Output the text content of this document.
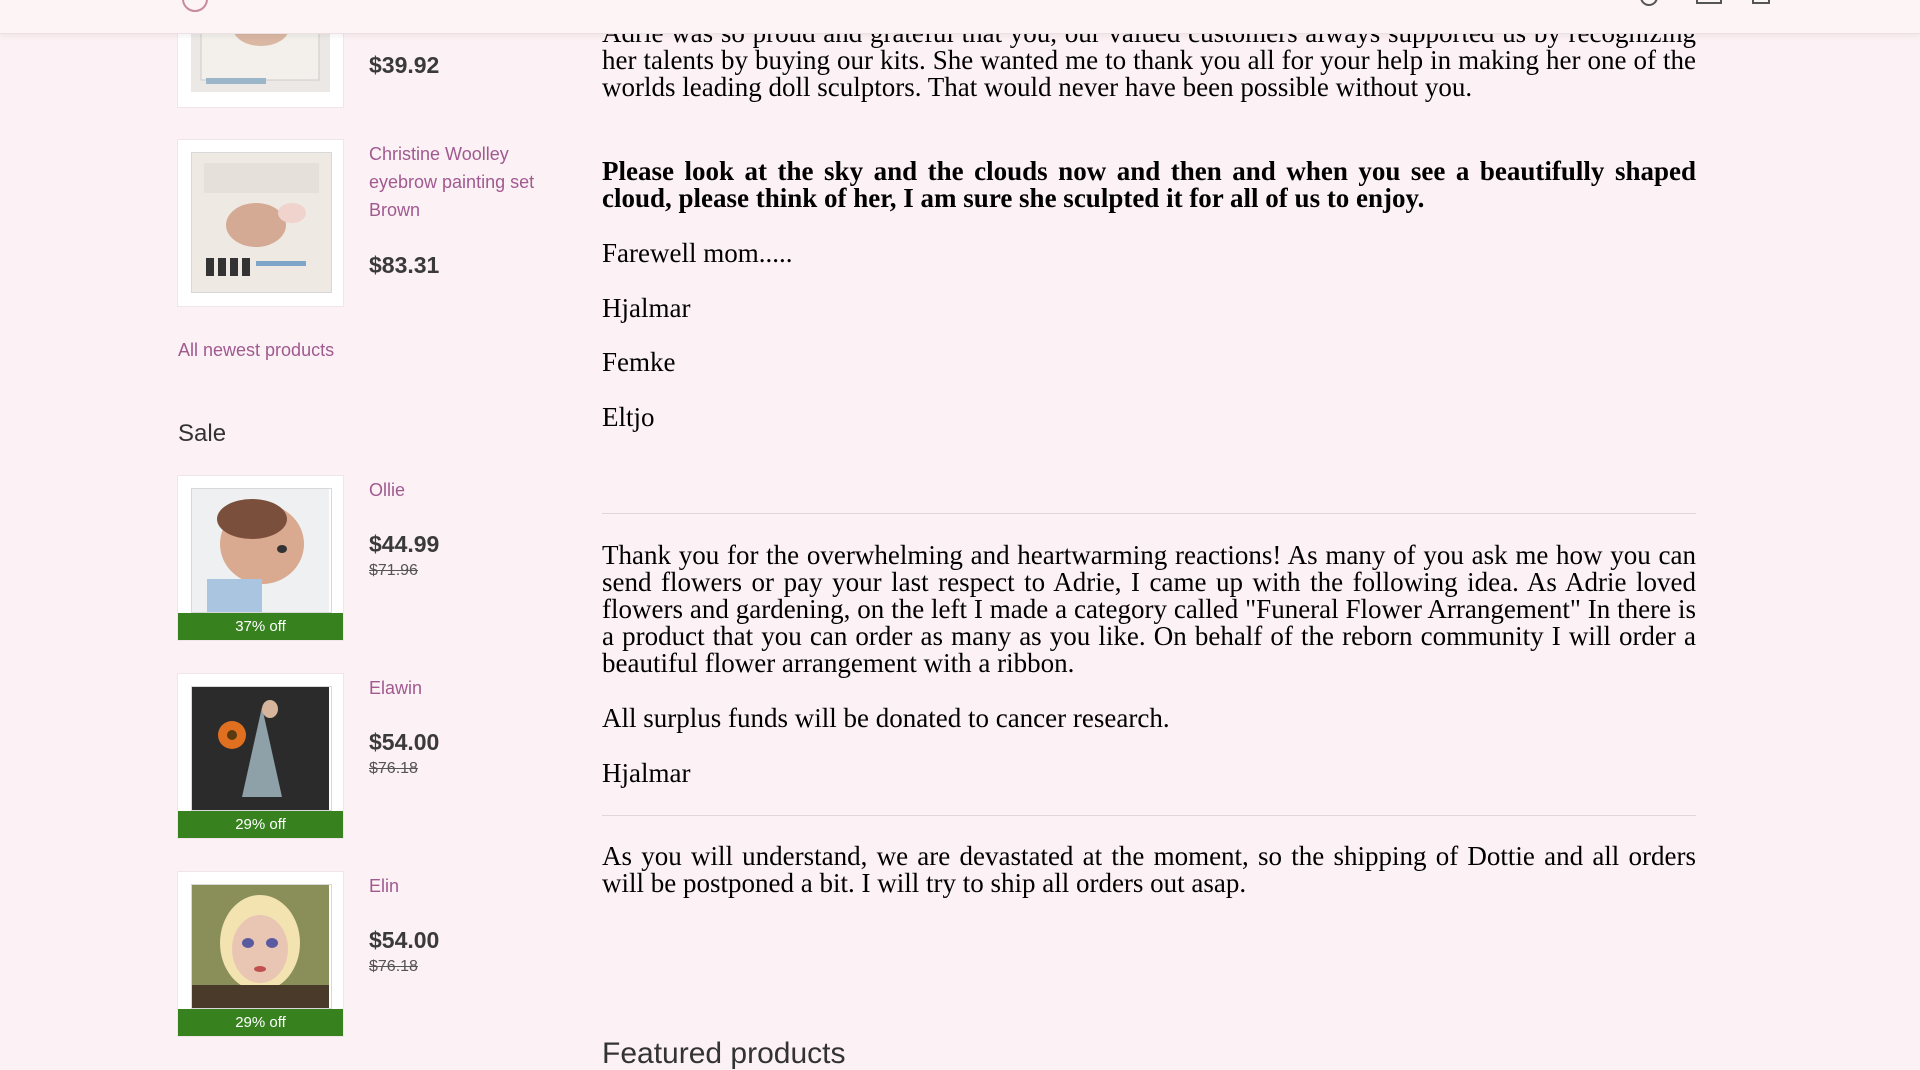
$39.92
Christine Woolley eyebrow painting set Brown
$83.31
All newest products
Sale
37% off
Ollie
$44.99
$71.96
29% off
Elawin
$54.00
$76.18
29% off
Elin
$54.00
$76.18

her talents by buying our kits. She wanted me to thank you all for your help in making her one of the worlds leading doll sculptors. That would never have been possible without you.

Please look at the sky and the clouds now and then and when you see a beautifully shaped cloud, please think of her, I am sure she sculpted it for all of us to enjoy.

Farewell mom.....

Hjalmar

Femke

Eltjo

Thank you for the overwhelming and heartwarming reactions! As many of you ask me how you can send flowers or pay your last respect to Adrie, I came up with the following idea. As Adrie loved flowers and gardening, on the left I made a category called "Funeral Flower Arrangement" In there is a product that you can order as many as you like. On behalf of the reborn community I will order a beautiful flower arrangement with a ribbon.

All surplus funds will be donated to cancer research.

Hjalmar

As you will understand, we are devastated at the moment, so the shipping of Dottie and all orders will be postponed a bit. I will try to ship all orders out asap.

Featured products
